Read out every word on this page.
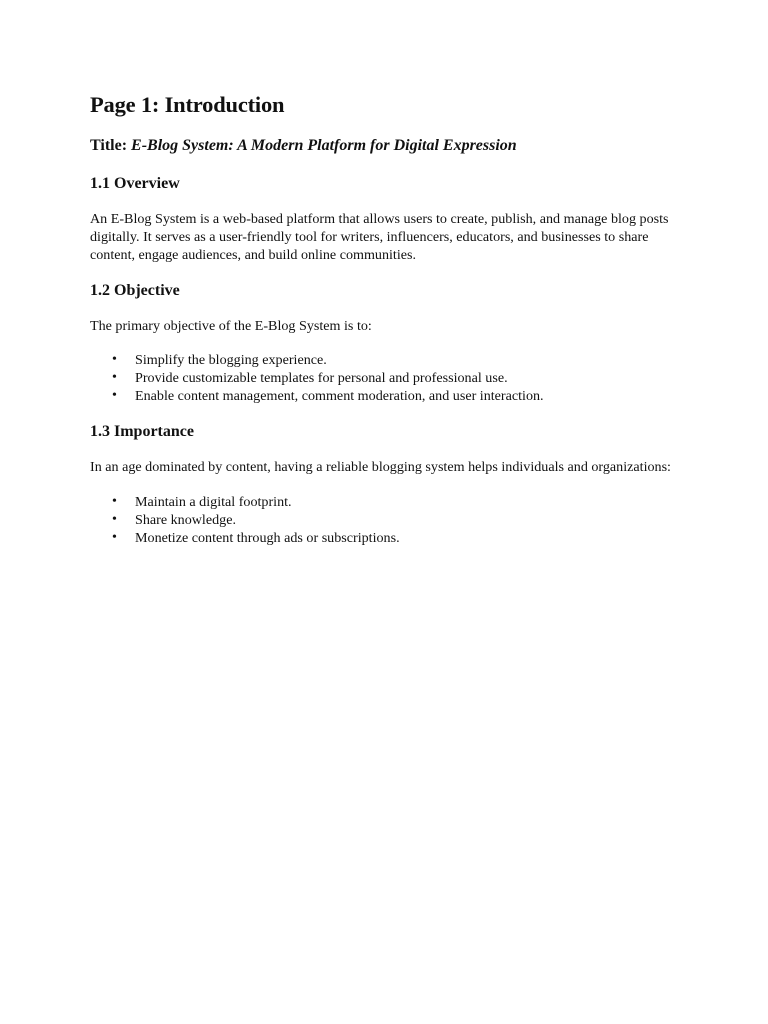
Page 1: Introduction

Title: E-Blog System: A Modern Platform for Digital Expression

1.1 Overview

An E-Blog System is a web-based platform that allows users to create, publish, and manage blog posts digitally. It serves as a user-friendly tool for writers, influencers, educators, and businesses to share content, engage audiences, and build online communities.

1.2 Objective

The primary objective of the E-Blog System is to:

• Simplify the blogging experience.
• Provide customizable templates for personal and professional use.
• Enable content management, comment moderation, and user interaction.
1.3 Importance

In an age dominated by content, having a reliable blogging system helps individuals and organizations:

• Maintain a digital footprint.
• Share knowledge.
• Monetize content through ads or subscriptions.
